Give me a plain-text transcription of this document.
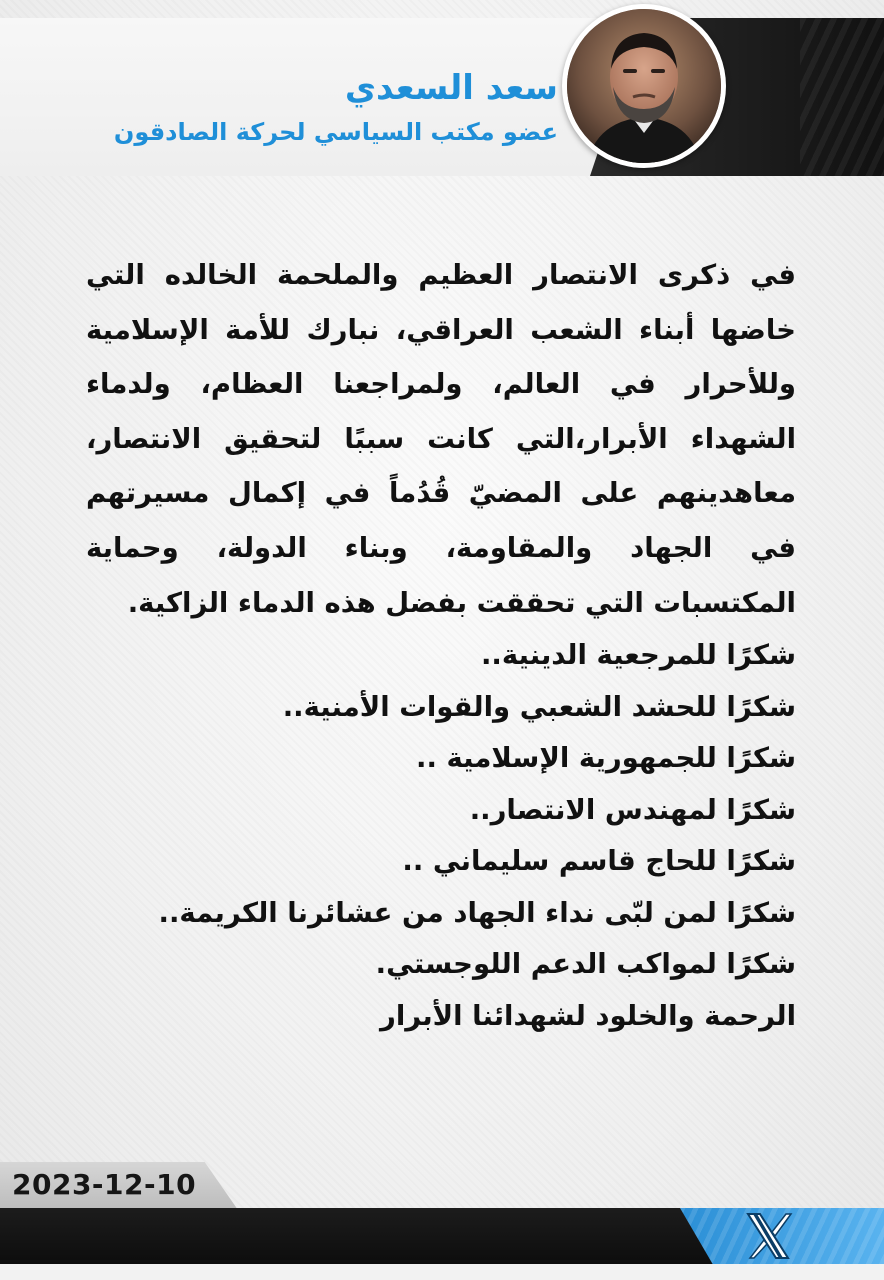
سعد السعدي
عضو مكتب السياسي لحركة الصادقون

في ذكرى الانتصار العظيم والملحمة الخالده التي خاضها أبناء الشعب العراقي، نبارك للأمة الإسلامية وللأحرار في العالم، ولمراجعنا العظام، ولدماء الشهداء الأبرار،التي كانت سببًا لتحقيق الانتصار، معاهدينهم على المضيّ قُدُماً في إكمال مسيرتهم في الجهاد والمقاومة، وبناء الدولة، وحماية المكتسبات التي تحققت بفضل هذه الدماء الزاكية.

شكرًا للمرجعية الدينية..

شكرًا للحشد الشعبي والقوات الأمنية..

شكرًا للجمهورية الإسلامية ..

شكرًا لمهندس الانتصار..

شكرًا للحاج قاسم سليماني ..

شكرًا لمن لبّى نداء الجهاد من عشائرنا الكريمة..

شكرًا لمواكب الدعم اللوجستي.

الرحمة والخلود لشهدائنا الأبرار

2023-12-10
